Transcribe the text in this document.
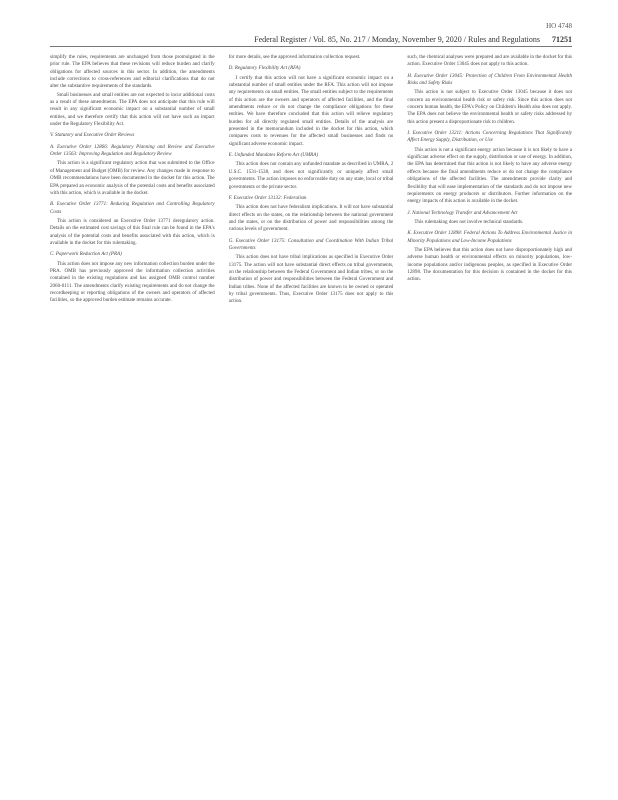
HO 4748
Federal Register / Vol. 85, No. 217 / Monday, November 9, 2020 / Rules and Regulations 71251

simplify the rules, requirements are unchanged from those promulgated in the prior rule. The EPA believes that these revisions will reduce burden and clarify obligations for affected sources in this sector. In addition, the amendments include corrections to cross-references and editorial clarifications that do not alter the substantive requirements of the standards.

Small businesses and small entities are not expected to incur additional costs as a result of these amendments. The EPA does not anticipate that this rule will result in any significant economic impact on a substantial number of small entities, and we therefore certify that this action will not have such an impact under the Regulatory Flexibility Act.

V. Statutory and Executive Order Reviews
A. Executive Order 12866: Regulatory Planning and Review and Executive Order 13563: Improving Regulation and Regulatory Review

This action is a significant regulatory action that was submitted to the Office of Management and Budget (OMB) for review. Any changes made in response to OMB recommendations have been documented in the docket for this action. The EPA prepared an economic analysis of the potential costs and benefits associated with this action, which is available in the docket.

B. Executive Order 13771: Reducing Regulation and Controlling Regulatory Costs

This action is considered an Executive Order 13771 deregulatory action. Details on the estimated cost savings of this final rule can be found in the EPA's analysis of the potential costs and benefits associated with this action, which is available in the docket for this rulemaking.

C. Paperwork Reduction Act (PRA)

This action does not impose any new information collection burden under the PRA. OMB has previously approved the information collection activities contained in the existing regulations and has assigned OMB control number 2060-0111. The amendments clarify existing requirements and do not change the recordkeeping or reporting obligations of the owners and operators of affected facilities, so the approved burden estimate remains accurate.

for more details, see the approved information collection request.

D. Regulatory Flexibility Act (RFA)

I certify that this action will not have a significant economic impact on a substantial number of small entities under the RFA. This action will not impose any requirements on small entities. The small entities subject to the requirements of this action are the owners and operators of affected facilities, and the final amendments reduce or do not change the compliance obligations for these entities. We have therefore concluded that this action will relieve regulatory burden for all directly regulated small entities. Details of the analysis are presented in the memorandum included in the docket for this action, which compares costs to revenues for the affected small businesses and finds no significant adverse economic impact.

E. Unfunded Mandates Reform Act (UMRA)

This action does not contain any unfunded mandate as described in UMRA, 2 U.S.C. 1531-1538, and does not significantly or uniquely affect small governments. The action imposes no enforceable duty on any state, local or tribal governments or the private sector.

F. Executive Order 13132: Federalism

This action does not have federalism implications. It will not have substantial direct effects on the states, on the relationship between the national government and the states, or on the distribution of power and responsibilities among the various levels of government.

G. Executive Order 13175: Consultation and Coordination With Indian Tribal Governments

This action does not have tribal implications as specified in Executive Order 13175. The action will not have substantial direct effects on tribal governments, on the relationship between the Federal Government and Indian tribes, or on the distribution of power and responsibilities between the Federal Government and Indian tribes. None of the affected facilities are known to be owned or operated by tribal governments. Thus, Executive Order 13175 does not apply to this action.

such, the chemical analyses were prepared and are available in the docket for this action. Executive Order 13045 does not apply to this action.

H. Executive Order 13045: Protection of Children From Environmental Health Risks and Safety Risks

This action is not subject to Executive Order 13045 because it does not concern an environmental health risk or safety risk. Since this action does not concern human health, the EPA's Policy on Children's Health also does not apply. The EPA does not believe the environmental health or safety risks addressed by this action present a disproportionate risk to children.

I. Executive Order 13211: Actions Concerning Regulations That Significantly Affect Energy Supply, Distribution, or Use

This action is not a significant energy action because it is not likely to have a significant adverse effect on the supply, distribution or use of energy. In addition, the EPA has determined that this action is not likely to have any adverse energy effects because the final amendments reduce or do not change the compliance obligations of the affected facilities. The amendments provide clarity and flexibility that will ease implementation of the standards and do not impose new requirements on energy producers or distributors. Further information on the energy impacts of this action is available in the docket.

J. National Technology Transfer and Advancement Act

This rulemaking does not involve technical standards.

K. Executive Order 12898: Federal Actions To Address Environmental Justice in Minority Populations and Low-Income Populations

The EPA believes that this action does not have disproportionately high and adverse human health or environmental effects on minority populations, low-income populations and/or indigenous peoples, as specified in Executive Order 12898. The documentation for this decision is contained in the docket for this action.
